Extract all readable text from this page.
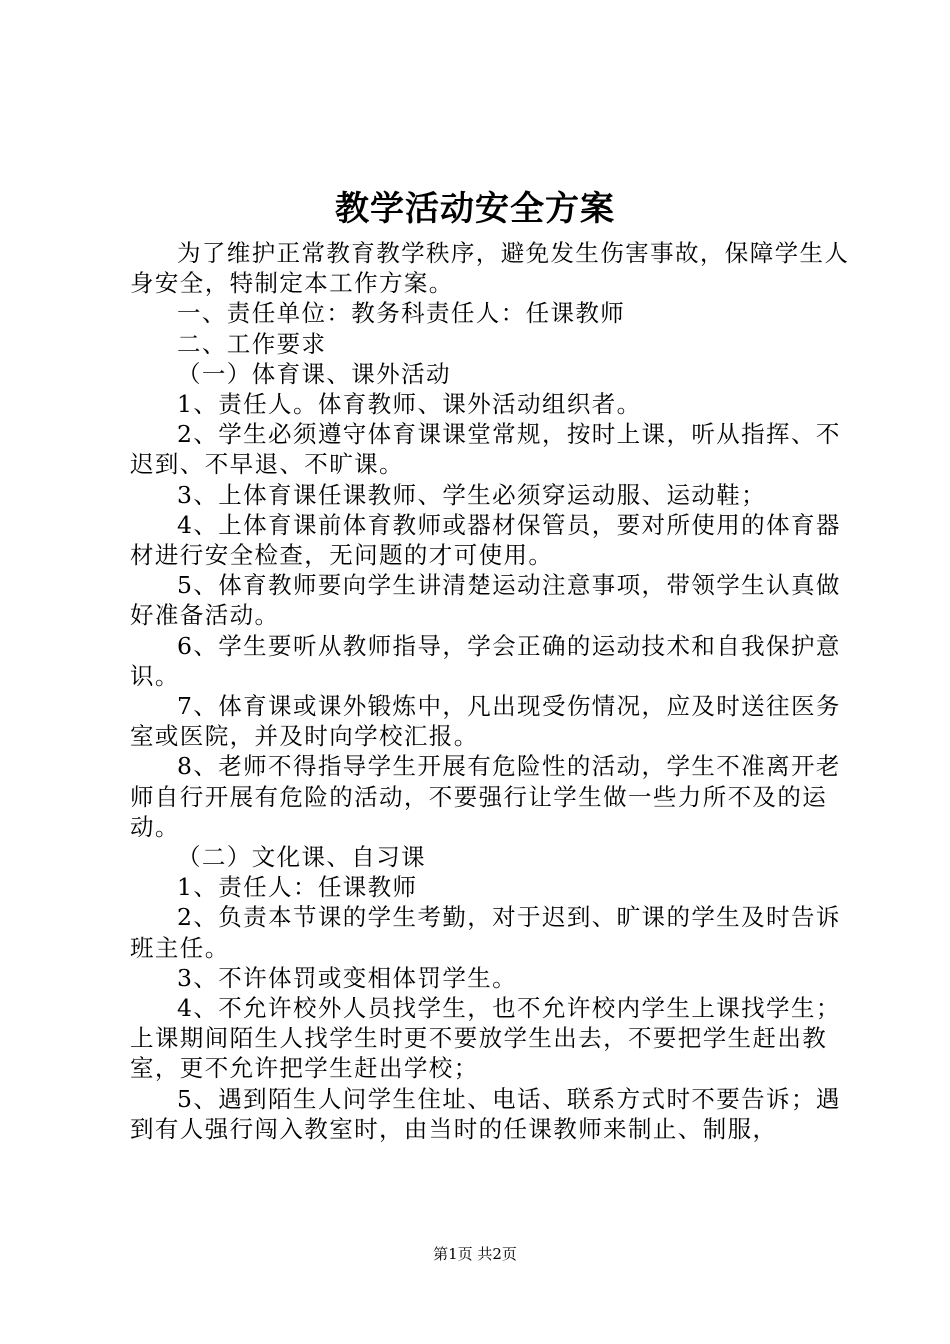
教学活动安全方案

为了维护正常教育教学秩序，避免发生伤害事故，保障学生人身安全，特制定本工作方案。

一、责任单位：教务科责任人：任课教师

二、工作要求

（一）体育课、课外活动

1、责任人。体育教师、课外活动组织者。

2、学生必须遵守体育课课堂常规，按时上课，听从指挥、不迟到、不早退、不旷课。

3、上体育课任课教师、学生必须穿运动服、运动鞋；

4、上体育课前体育教师或器材保管员，要对所使用的体育器材进行安全检查，无问题的才可使用。

5、体育教师要向学生讲清楚运动注意事项，带领学生认真做好准备活动。

6、学生要听从教师指导，学会正确的运动技术和自我保护意识。

7、体育课或课外锻炼中，凡出现受伤情况，应及时送往医务室或医院，并及时向学校汇报。

8、老师不得指导学生开展有危险性的活动，学生不准离开老师自行开展有危险的活动，不要强行让学生做一些力所不及的运动。

（二）文化课、自习课

1、责任人：任课教师

2、负责本节课的学生考勤，对于迟到、旷课的学生及时告诉班主任。

3、不许体罚或变相体罚学生。

4、不允许校外人员找学生，也不允许校内学生上课找学生；上课期间陌生人找学生时更不要放学生出去，不要把学生赶出教室，更不允许把学生赶出学校；

5、遇到陌生人问学生住址、电话、联系方式时不要告诉；遇到有人强行闯入教室时，由当时的任课教师来制止、制服，

第1页 共2页
